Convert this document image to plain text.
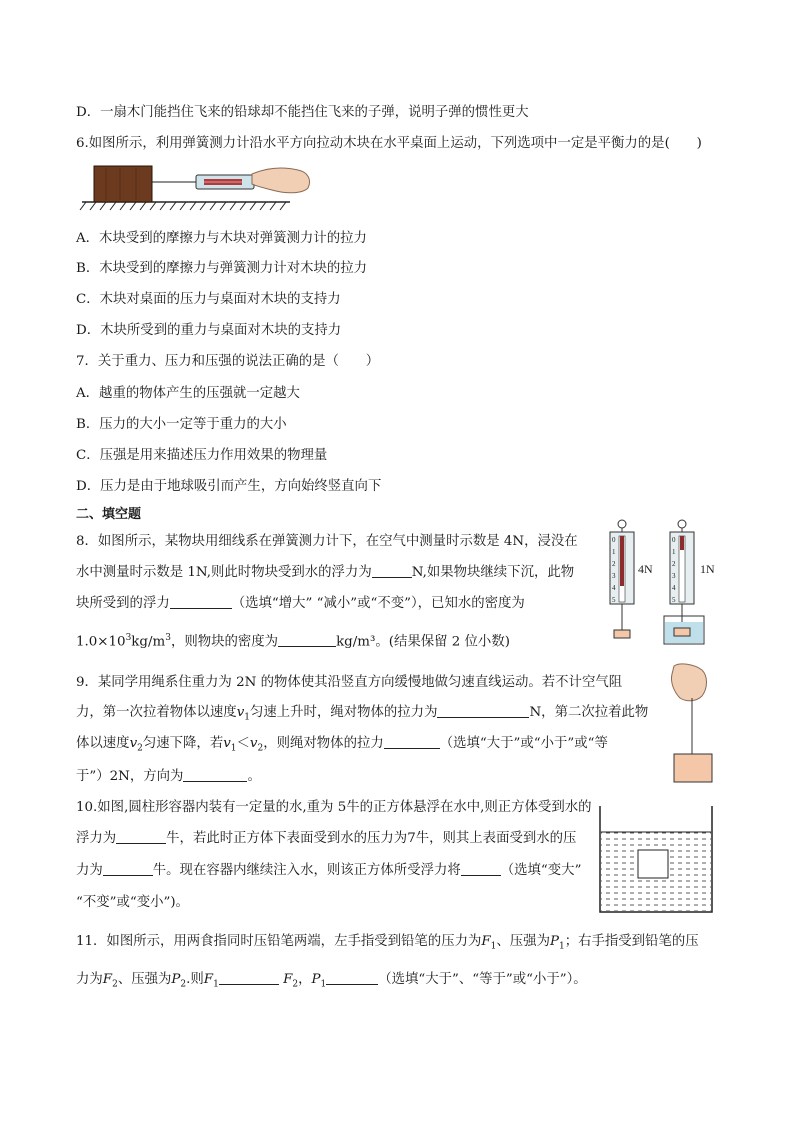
D．一扇木门能挡住飞来的铅球却不能挡住飞来的子弹，说明子弹的惯性更大
6.如图所示，利用弹簧测力计沿水平方向拉动木块在水平桌面上运动，下列选项中一定是平衡力的是(　　)
A．木块受到的摩擦力与木块对弹簧测力计的拉力
B．木块受到的摩擦力与弹簧测力计对木块的拉力
C．木块对桌面的压力与桌面对木块的支持力
D．木块所受到的重力与桌面对木块的支持力
7．关于重力、压力和压强的说法正确的是（　　）
A．越重的物体产生的压强就一定越大
B．压力的大小一定等于重力的大小
C．压强是用来描述压力作用效果的物理量
D．压力是由于地球吸引而产生，方向始终竖直向下
二、填空题
8．如图所示，某物块用细线系在弹簧测力计下，在空气中测量时示数是 4N，浸没在
水中测量时示数是 1N,则此时物块受到水的浮力为	N,如果物块继续下沉，此物
块所受到的浮力	（选填“增大” “减小”或“不变”），已知水的密度为
$1.0\times 10^3kg/m^3$，则物块的密度为	kg/m³。(结果保留 2 位小数)
0
1
2
3
4
5
4N
0
1
2
3
4
5
1N
9．某同学用绳系住重力为 2N 的物体使其沿竖直方向缓慢地做匀速直线运动。若不计空气阻
力，第一次拉着物体以速度$v_1$匀速上升时，绳对物体的拉力为	N，第二次拉着此物
体以速度$v_2$匀速下降，若$v_1<v_2$，则绳对物体的拉力	（选填“大于”或“小于”或“等
于”）2N，方向为	。
10.如图,圆柱形容器内装有一定量的水,重为 5牛的正方体悬浮在水中,则正方体受到水的
浮力为	牛，若此时正方体下表面受到水的压力为7牛，则其上表面受到水的压
力为	牛。现在容器内继续注入水，则该正方体所受浮力将	（选填“变大”
“不变”或“变小”)。
11．如图所示，用两食指同时压铅笔两端，左手指受到铅笔的压力为$F_1$、压强为$P_1$；右手指受到铅笔的压
力为$F_2$、压强为$P_2$.则$F_1$	$F_2$，$P_1$	（选填“大于”、“等于”或“小于”）。
